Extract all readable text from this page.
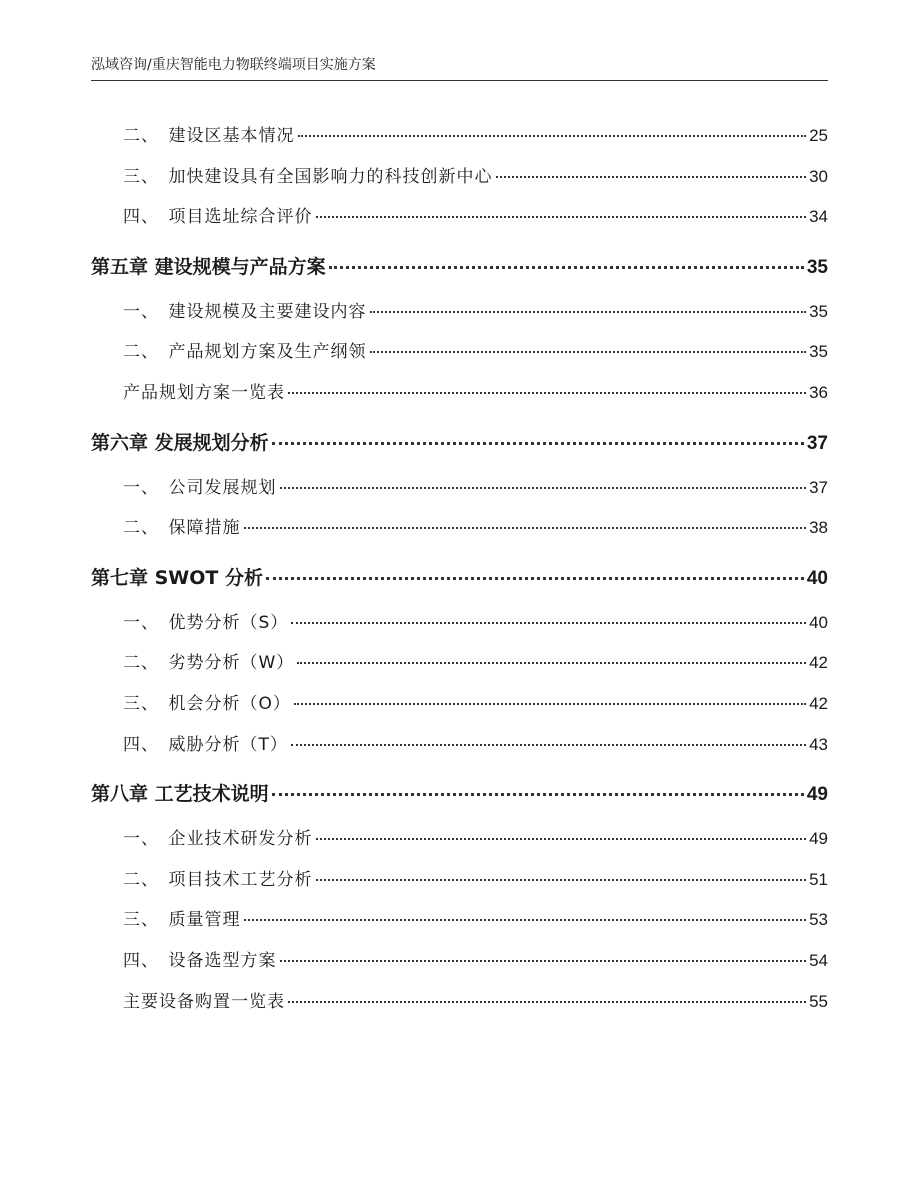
泓域咨询/重庆智能电力物联终端项目实施方案
二、　建设区基本情况	25
三、　加快建设具有全国影响力的科技创新中心	30
四、　项目选址综合评价	34
第五章 建设规模与产品方案	35
一、　建设规模及主要建设内容	35
二、　产品规划方案及生产纲领	35
产品规划方案一览表	36
第六章 发展规划分析	37
一、　公司发展规划	37
二、　保障措施	38
第七章 SWOT 分析	40
一、　优势分析（S）	40
二、　劣势分析（W）	42
三、　机会分析（O）	42
四、　威胁分析（T）	43
第八章 工艺技术说明	49
一、　企业技术研发分析	49
二、　项目技术工艺分析	51
三、　质量管理	53
四、　设备选型方案	54
主要设备购置一览表	55
